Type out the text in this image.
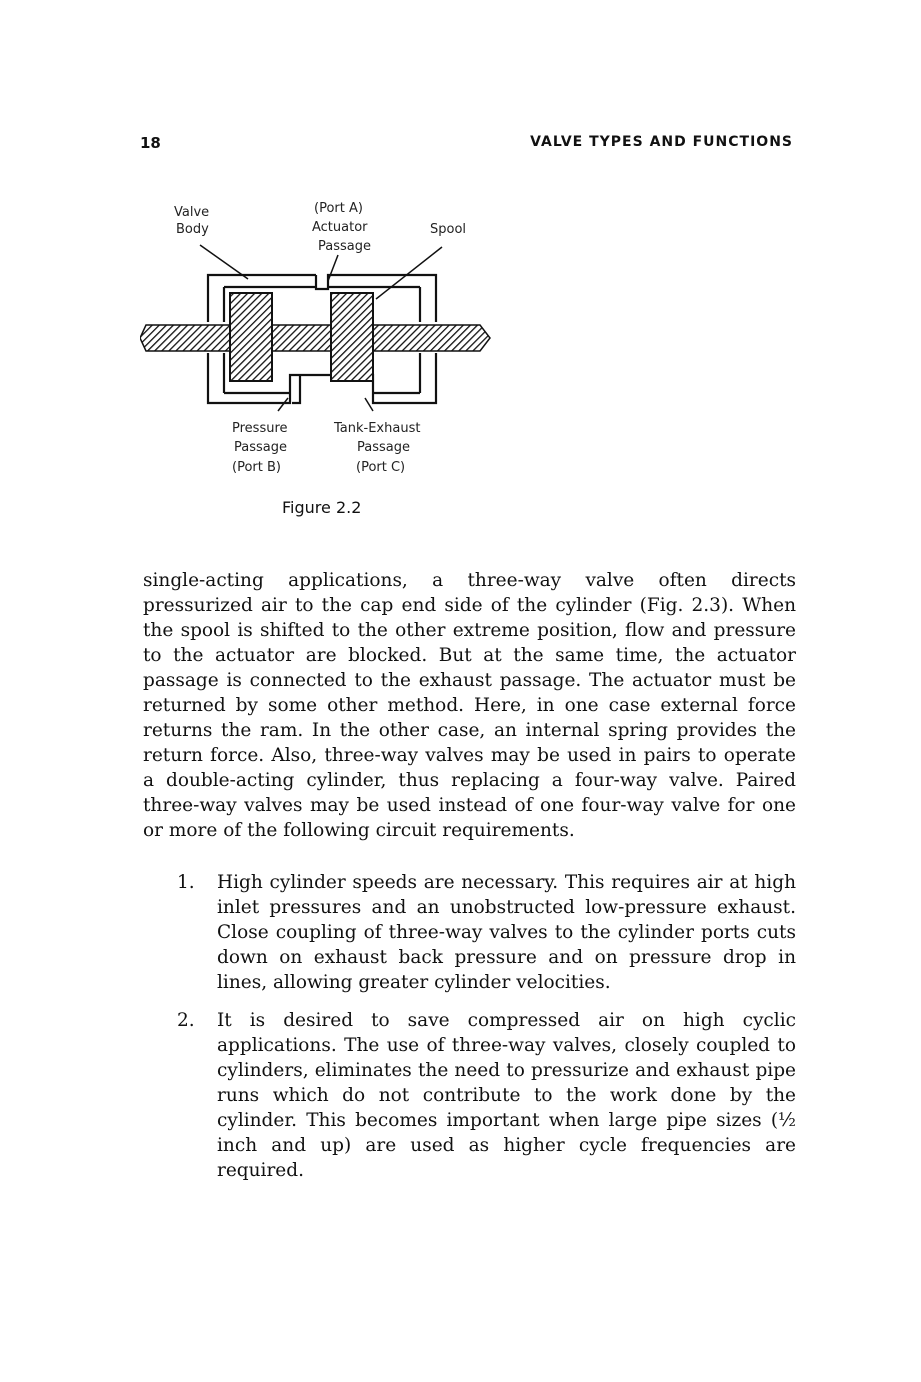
18	VALVE TYPES AND FUNCTIONS
Valve
Body
(Port A)
Actuator
Passage
Spool
Pressure
Passage
(Port B)
Tank-Exhaust
Passage
(Port C)
Figure 2.2

single-acting applications, a three-way valve often directs pressurized air to the cap end side of the cylinder (Fig. 2.3). When the spool is shifted to the other extreme position, flow and pressure to the actuator are blocked. But at the same time, the actuator passage is connected to the exhaust passage. The actuator must be returned by some other method. Here, in one case external force returns the ram. In the other case, an internal spring provides the return force. Also, three-way valves may be used in pairs to operate a double-acting cylinder, thus replacing a four-way valve. Paired three-way valves may be used instead of one four-way valve for one or more of the following circuit requirements.

1.	High cylinder speeds are necessary. This requires air at high inlet pressures and an unobstructed low-pressure exhaust. Close coupling of three-way valves to the cylinder ports cuts down on exhaust back pressure and on pressure drop in lines, allowing greater cylinder velocities.
2.	It is desired to save compressed air on high cyclic applications. The use of three-way valves, closely coupled to cylinders, eliminates the need to pressurize and exhaust pipe runs which do not contribute to the work done by the cylinder. This becomes important when large pipe sizes (½ inch and up) are used as higher cycle frequencies are required.
